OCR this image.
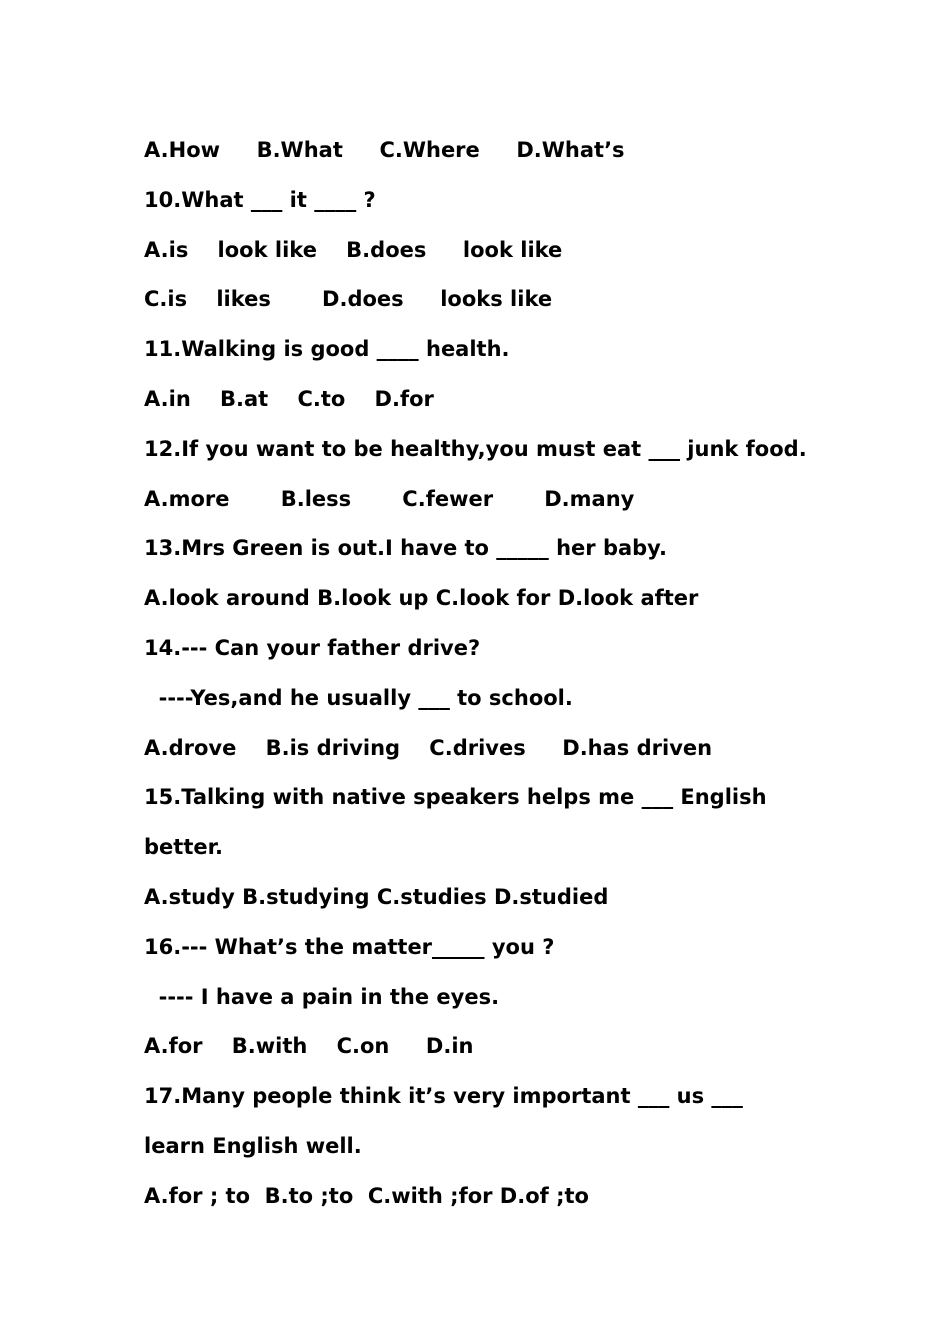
A.How     B.What     C.Where     D.What’s
10.What ___ it ____ ?
A.is    look like    B.does     look like
C.is    likes       D.does     looks like
11.Walking is good ____ health.
A.in    B.at    C.to    D.for
12.If you want to be healthy,you must eat ___ junk food.
A.more       B.less       C.fewer       D.many
13.Mrs Green is out.I have to _____ her baby.
A.look around B.look up C.look for D.look after
14.--- Can your father drive?
----Yes,and he usually ___ to school.
A.drove    B.is driving    C.drives     D.has driven
15.Talking with native speakers helps me ___ English
better.
A.study B.studying C.studies D.studied
16.--- What’s the matter_____ you ?
---- I have a pain in the eyes.
A.for    B.with    C.on     D.in
17.Many people think it’s very important ___ us ___
learn English well.
A.for ; to  B.to ;to  C.with ;for D.of ;to
